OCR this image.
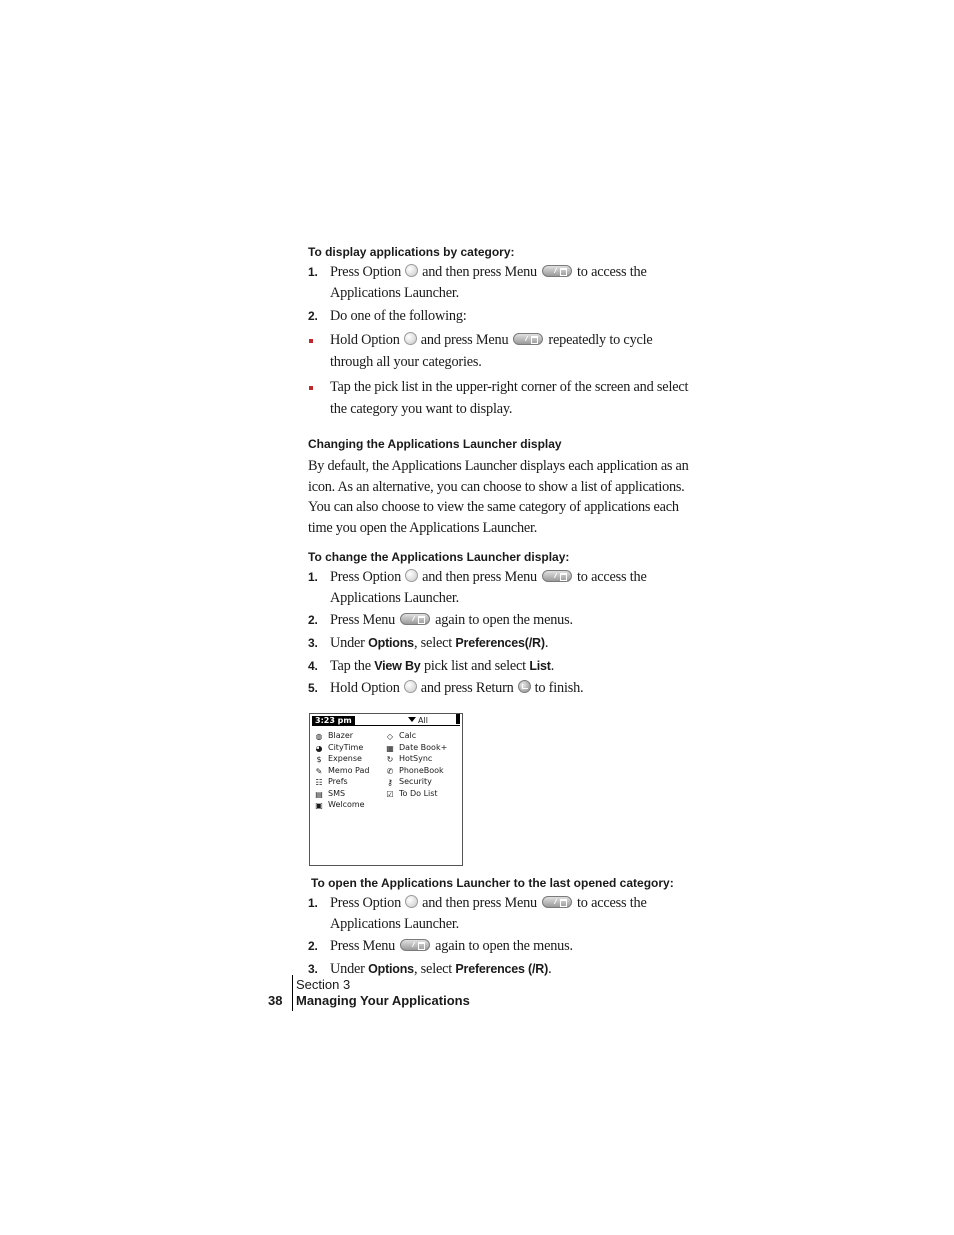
To display applications by category:

1. Press Option and then press Menu	to access the Applications Launcher.
2. Do one of the following:
Hold Option and press Menu	repeatedly to cycle through all your categories.
Tap the pick list in the upper-right corner of the screen and select the category you want to display.

Changing the Applications Launcher display

By default, the Applications Launcher displays each application as an icon. As an alternative, you can choose to show a list of applications. You can also choose to view the same category of applications each time you open the Applications Launcher.

To change the Applications Launcher display:

1. Press Option and then press Menu	to access the Applications Launcher.
2. Press Menu	again to open the menus.
3. Under Options, select Preferences(/R).
4. Tap the View By pick list and select List.
5. Hold Option and press Return to finish.
3:23 pm	All
◍ Blazer
◕ CityTime
$ Expense
✎ Memo Pad
☷ Prefs
▤ SMS
▣ Welcome
◇ Calc
▦ Date Book+
↻ HotSync
✆ PhoneBook
⚷ Security
☑ To Do List

To open the Applications Launcher to the last opened category:

1. Press Option and then press Menu	to access the Applications Launcher.
2. Press Menu	again to open the menus.
3. Under Options, select Preferences (/R).
Section 3
38 Managing Your Applications
